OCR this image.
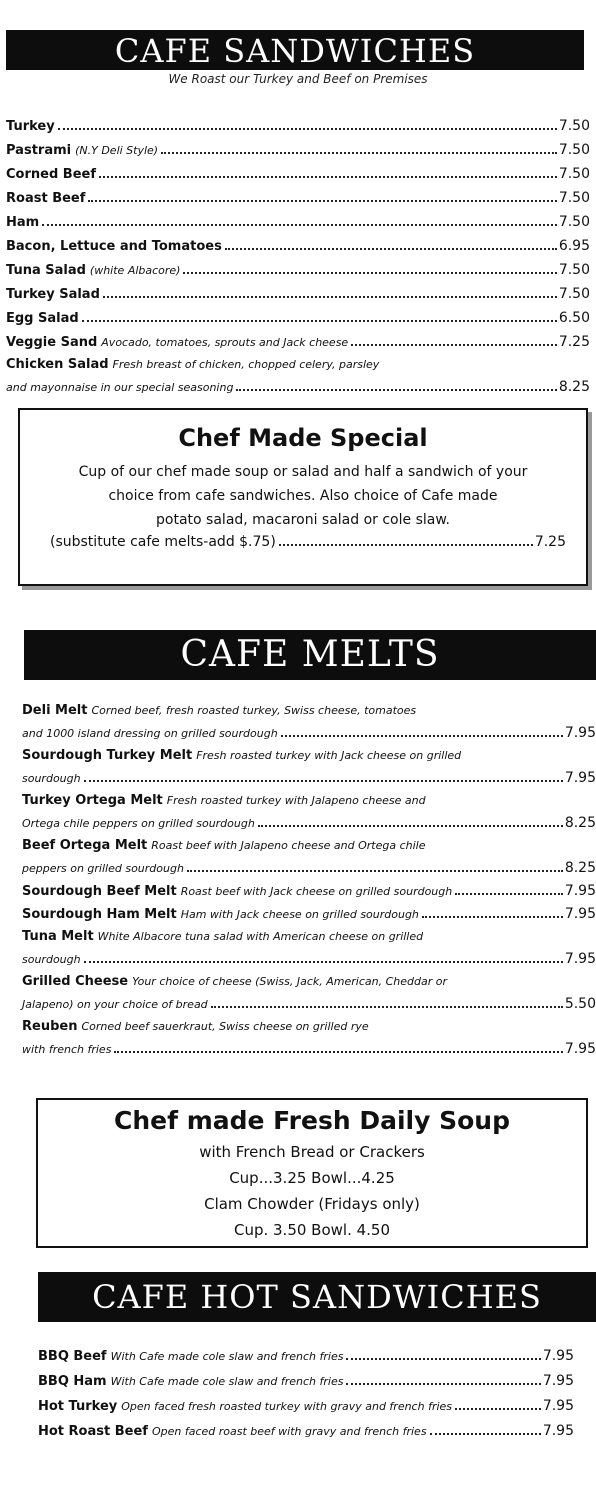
CAFE SANDWICHES
We Roast our Turkey and Beef on Premises
Turkey	7.50
Pastrami (N.Y Deli Style)	7.50
Corned Beef	7.50
Roast Beef	7.50
Ham	7.50
Bacon, Lettuce and Tomatoes	6.95
Tuna Salad (white Albacore)	7.50
Turkey Salad	7.50
Egg Salad	6.50
Veggie Sand Avocado, tomatoes, sprouts and Jack cheese	7.25
Chicken Salad Fresh breast of chicken, chopped celery, parsley
and mayonnaise in our special seasoning	8.25
Chef Made Special
Cup of our chef made soup or salad and half a sandwich of your
choice from cafe sandwiches. Also choice of Cafe made
potato salad, macaroni salad or cole slaw.
(substitute cafe melts-add $.75)	7.25
CAFE MELTS
Deli Melt Corned beef, fresh roasted turkey, Swiss cheese, tomatoes
and 1000 island dressing on grilled sourdough	7.95
Sourdough Turkey Melt Fresh roasted turkey with Jack cheese on grilled
sourdough	7.95
Turkey Ortega Melt Fresh roasted turkey with Jalapeno cheese and
Ortega chile peppers on grilled sourdough	8.25
Beef Ortega Melt Roast beef with Jalapeno cheese and Ortega chile
peppers on grilled sourdough	8.25
Sourdough Beef Melt Roast beef with Jack cheese on grilled sourdough	7.95
Sourdough Ham Melt Ham with Jack cheese on grilled sourdough	7.95
Tuna Melt White Albacore tuna salad with American cheese on grilled
sourdough	7.95
Grilled Cheese Your choice of cheese (Swiss, Jack, American, Cheddar or
Jalapeno) on your choice of bread	5.50
Reuben Corned beef sauerkraut, Swiss cheese on grilled rye
with french fries	7.95
Chef made Fresh Daily Soup
with French Bread or Crackers
Cup...3.25 Bowl...4.25
Clam Chowder (Fridays only)
Cup. 3.50 Bowl. 4.50
CAFE HOT SANDWICHES
BBQ Beef With Cafe made cole slaw and french fries	7.95
BBQ Ham With Cafe made cole slaw and french fries	7.95
Hot Turkey Open faced fresh roasted turkey with gravy and french fries	7.95
Hot Roast Beef Open faced roast beef with gravy and french fries	7.95
